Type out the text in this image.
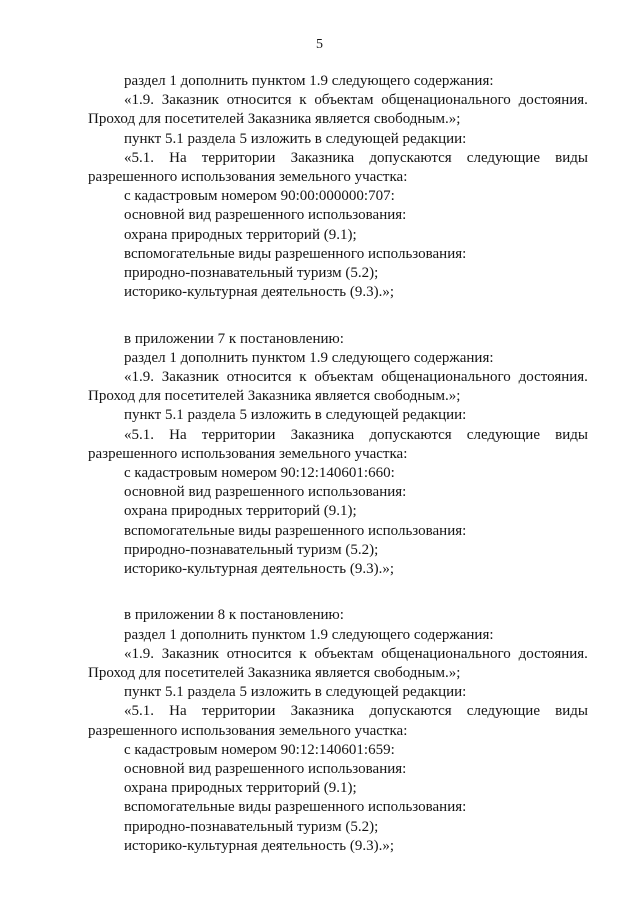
5
раздел 1 дополнить пунктом 1.9 следующего содержания:
«1.9. Заказник относится к объектам общенационального достояния.
Проход для посетителей Заказника является свободным.»;
пункт 5.1 раздела 5 изложить в следующей редакции:
«5.1. На территории Заказника допускаются следующие виды
разрешенного использования земельного участка:
с кадастровым номером 90:00:000000:707:
основной вид разрешенного использования:
охрана природных территорий (9.1);
вспомогательные виды разрешенного использования:
природно-познавательный туризм (5.2);
историко-культурная деятельность (9.3).»;
в приложении 7 к постановлению:
раздел 1 дополнить пунктом 1.9 следующего содержания:
«1.9. Заказник относится к объектам общенационального достояния.
Проход для посетителей Заказника является свободным.»;
пункт 5.1 раздела 5 изложить в следующей редакции:
«5.1. На территории Заказника допускаются следующие виды
разрешенного использования земельного участка:
с кадастровым номером 90:12:140601:660:
основной вид разрешенного использования:
охрана природных территорий (9.1);
вспомогательные виды разрешенного использования:
природно-познавательный туризм (5.2);
историко-культурная деятельность (9.3).»;
в приложении 8 к постановлению:
раздел 1 дополнить пунктом 1.9 следующего содержания:
«1.9. Заказник относится к объектам общенационального достояния.
Проход для посетителей Заказника является свободным.»;
пункт 5.1 раздела 5 изложить в следующей редакции:
«5.1. На территории Заказника допускаются следующие виды
разрешенного использования земельного участка:
с кадастровым номером 90:12:140601:659:
основной вид разрешенного использования:
охрана природных территорий (9.1);
вспомогательные виды разрешенного использования:
природно-познавательный туризм (5.2);
историко-культурная деятельность (9.3).»;
